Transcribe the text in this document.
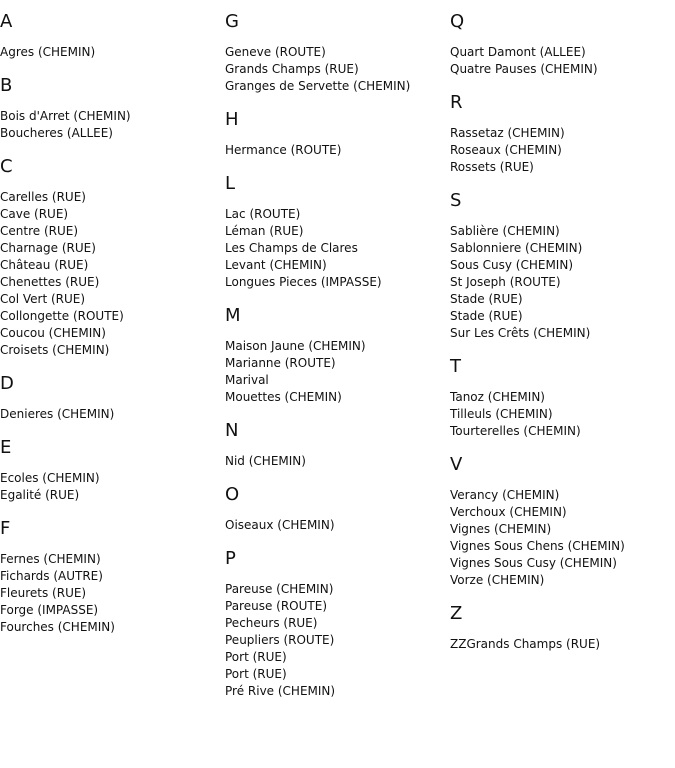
A
Agres (CHEMIN)
B
Bois d'Arret (CHEMIN)
Boucheres (ALLEE)
C
Carelles (RUE)
Cave (RUE)
Centre (RUE)
Charnage (RUE)
Château (RUE)
Chenettes (RUE)
Col Vert (RUE)
Collongette (ROUTE)
Coucou (CHEMIN)
Croisets (CHEMIN)
D
Denieres (CHEMIN)
E
Ecoles (CHEMIN)
Egalité (RUE)
F
Fernes (CHEMIN)
Fichards (AUTRE)
Fleurets (RUE)
Forge (IMPASSE)
Fourches (CHEMIN)
G
Geneve (ROUTE)
Grands Champs (RUE)
Granges de Servette (CHEMIN)
H
Hermance (ROUTE)
L
Lac (ROUTE)
Léman (RUE)
Les Champs de Clares
Levant (CHEMIN)
Longues Pieces (IMPASSE)
M
Maison Jaune (CHEMIN)
Marianne (ROUTE)
Marival
Mouettes (CHEMIN)
N
Nid (CHEMIN)
O
Oiseaux (CHEMIN)
P
Pareuse (CHEMIN)
Pareuse (ROUTE)
Pecheurs (RUE)
Peupliers (ROUTE)
Port (RUE)
Port (RUE)
Pré Rive (CHEMIN)
Q
Quart Damont (ALLEE)
Quatre Pauses (CHEMIN)
R
Rassetaz (CHEMIN)
Roseaux (CHEMIN)
Rossets (RUE)
S
Sablière (CHEMIN)
Sablonniere (CHEMIN)
Sous Cusy (CHEMIN)
St Joseph (ROUTE)
Stade (RUE)
Stade (RUE)
Sur Les Crêts (CHEMIN)
T
Tanoz (CHEMIN)
Tilleuls (CHEMIN)
Tourterelles (CHEMIN)
V
Verancy (CHEMIN)
Verchoux (CHEMIN)
Vignes (CHEMIN)
Vignes Sous Chens (CHEMIN)
Vignes Sous Cusy (CHEMIN)
Vorze (CHEMIN)
Z
ZZGrands Champs (RUE)
